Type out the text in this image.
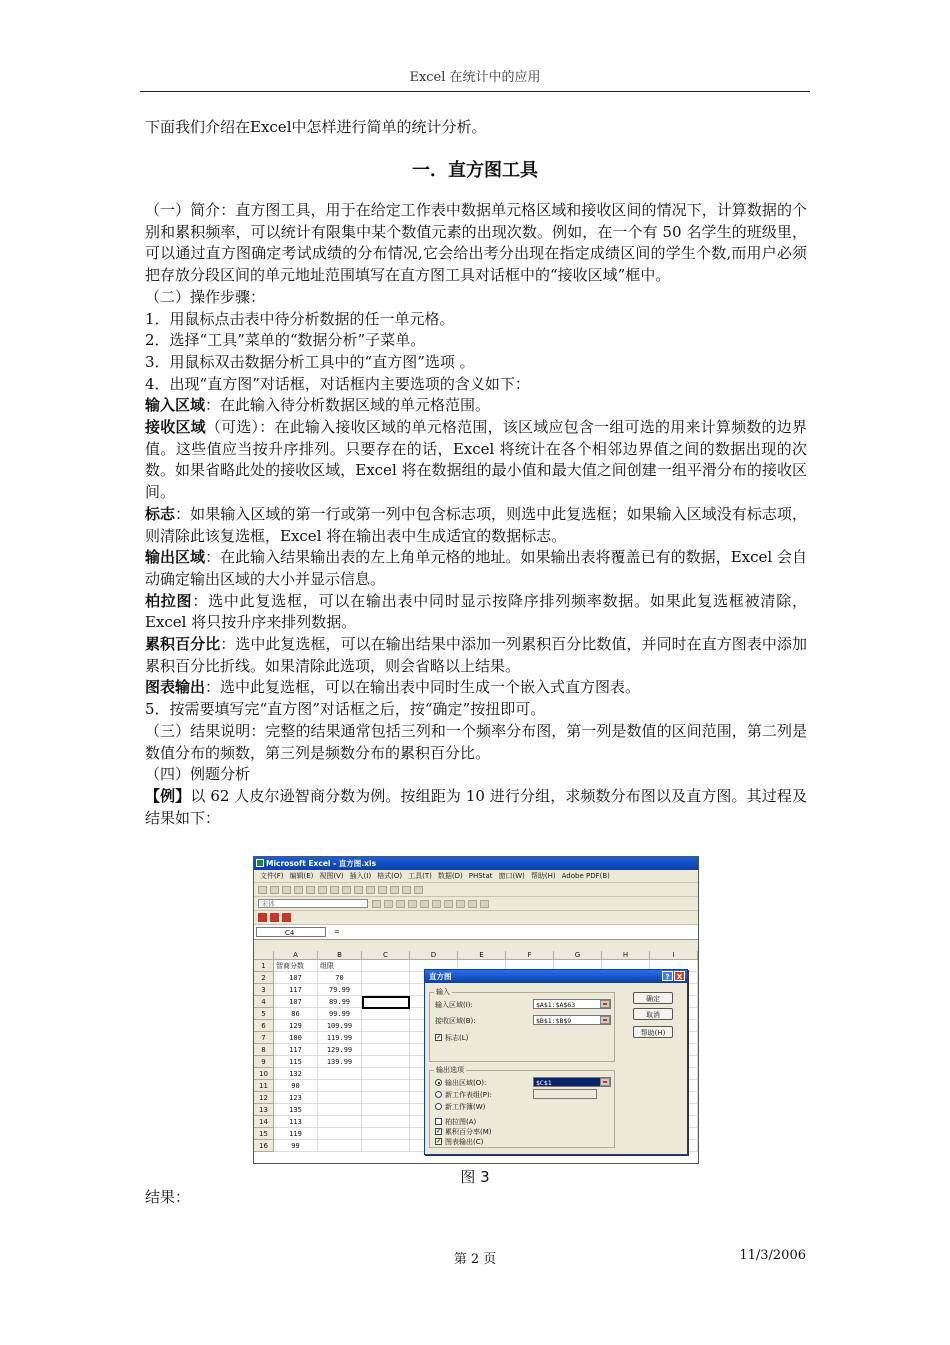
Excel 在统计中的应用
下面我们介绍在Excel中怎样进行简单的统计分析。
一．直方图工具

（一）简介：直方图工具，用于在给定工作表中数据单元格区域和接收区间的情况下，计算数据的个别和累积频率，可以统计有限集中某个数值元素的出现次数。例如，在一个有 50 名学生的班级里，可以通过直方图确定考试成绩的分布情况,它会给出考分出现在指定成绩区间的学生个数,而用户必须把存放分段区间的单元地址范围填写在直方图工具对话框中的“接收区域”框中。

（二）操作步骤：

1．用鼠标点击表中待分析数据的任一单元格。

2．选择“工具”菜单的“数据分析”子菜单。

3．用鼠标双击数据分析工具中的“直方图”选项 。

4．出现“直方图”对话框，对话框内主要选项的含义如下：

输入区域：在此输入待分析数据区域的单元格范围。

接收区域（可选）：在此输入接收区域的单元格范围，该区域应包含一组可选的用来计算频数的边界值。这些值应当按升序排列。只要存在的话，Excel 将统计在各个相邻边界值之间的数据出现的次数。如果省略此处的接收区域，Excel 将在数据组的最小值和最大值之间创建一组平滑分布的接收区间。

标志：如果输入区域的第一行或第一列中包含标志项，则选中此复选框；如果输入区域没有标志项，则清除此该复选框，Excel 将在输出表中生成适宜的数据标志。

输出区域：在此输入结果输出表的左上角单元格的地址。如果输出表将覆盖已有的数据，Excel 会自动确定输出区域的大小并显示信息。

柏拉图：选中此复选框，可以在输出表中同时显示按降序排列频率数据。如果此复选框被清除，Excel 将只按升序来排列数据。

累积百分比：选中此复选框，可以在输出结果中添加一列累积百分比数值，并同时在直方图表中添加累积百分比折线。如果清除此选项，则会省略以上结果。

图表输出：选中此复选框，可以在输出表中同时生成一个嵌入式直方图表。

5．按需要填写完“直方图”对话框之后，按“确定”按扭即可。

（三）结果说明：完整的结果通常包括三列和一个频率分布图，第一列是数值的区间范围，第二列是数值分布的频数，第三列是频数分布的累积百分比。

（四）例题分析

【例】以 62 人皮尔逊智商分数为例。按组距为 10 进行分组，求频数分布图以及直方图。其过程及结果如下：

Microsoft Excel - 直方图.xls
文件(F) 编辑(E) 视图(V) 插入(I) 格式(O) 工具(T) 数据(D) PHStat 窗口(W) 帮助(H) Adobe PDF(B)
宋体
C4	=
A	B	C	D	E	F	G	H	I
1	智商分数	组限
2	107	70
3	117	79.99
4	107	89.99
5	86	99.99
6	129	109.99
7	100	119.99
8	117	129.99
9	115	139.99
10	132
11	90
12	123
13	135
14	113
15	119
16	99
直方图	?	X
输入
输入区域(I):	$A$1:$A$63
接收区域(B):	$B$1:$B$9
✔ 标志(L)
确定
取消
帮助(H)
输出选项
输出区域(O):	$C$1
新工作表组(P):
新工作簿(W)
柏拉图(A)
✔ 累积百分率(M)
✔ 图表输出(C)
图 3
结果：
第 2 页	11/3/2006
